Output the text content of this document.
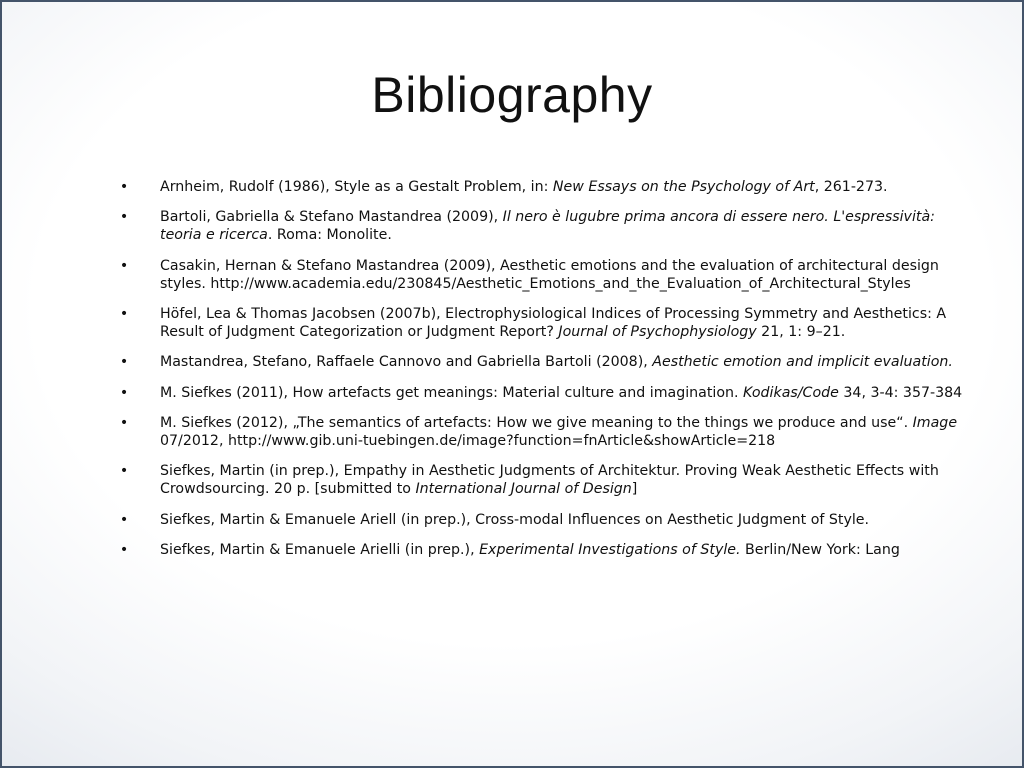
Bibliography
• Arnheim, Rudolf (1986), Style as a Gestalt Problem, in: New Essays on the Psychology of Art, 261-273.
• Bartoli, Gabriella & Stefano Mastandrea (2009), Il nero è lugubre prima ancora di essere nero. L'espressività: teoria e ricerca. Roma: Monolite.
• Casakin, Hernan & Stefano Mastandrea (2009), Aesthetic emotions and the evaluation of architectural design styles. http://www.academia.edu/230845/Aesthetic_Emotions_and_the_Evaluation_of_Architectural_Styles
• Höfel, Lea & Thomas Jacobsen (2007b), Electrophysiological Indices of Processing Symmetry and Aesthetics: A Result of Judgment Categorization or Judgment Report? Journal of Psychophysiology 21, 1: 9–21.
• Mastandrea, Stefano, Raffaele Cannovo and Gabriella Bartoli (2008), Aesthetic emotion and implicit evaluation.
• M. Siefkes (2011), How artefacts get meanings: Material culture and imagination. Kodikas/Code 34, 3-4: 357-384
• M. Siefkes (2012), „The semantics of artefacts: How we give meaning to the things we produce and use“. Image 07/2012, http://www.gib.uni-tuebingen.de/image?function=fnArticle&showArticle=218
• Siefkes, Martin (in prep.), Empathy in Aesthetic Judgments of Architektur. Proving Weak Aesthetic Effects with Crowdsourcing. 20 p. [submitted to International Journal of Design]
• Siefkes, Martin & Emanuele Ariell (in prep.), Cross-modal Influences on Aesthetic Judgment of Style.
• Siefkes, Martin & Emanuele Arielli (in prep.), Experimental Investigations of Style. Berlin/New York: Lang
